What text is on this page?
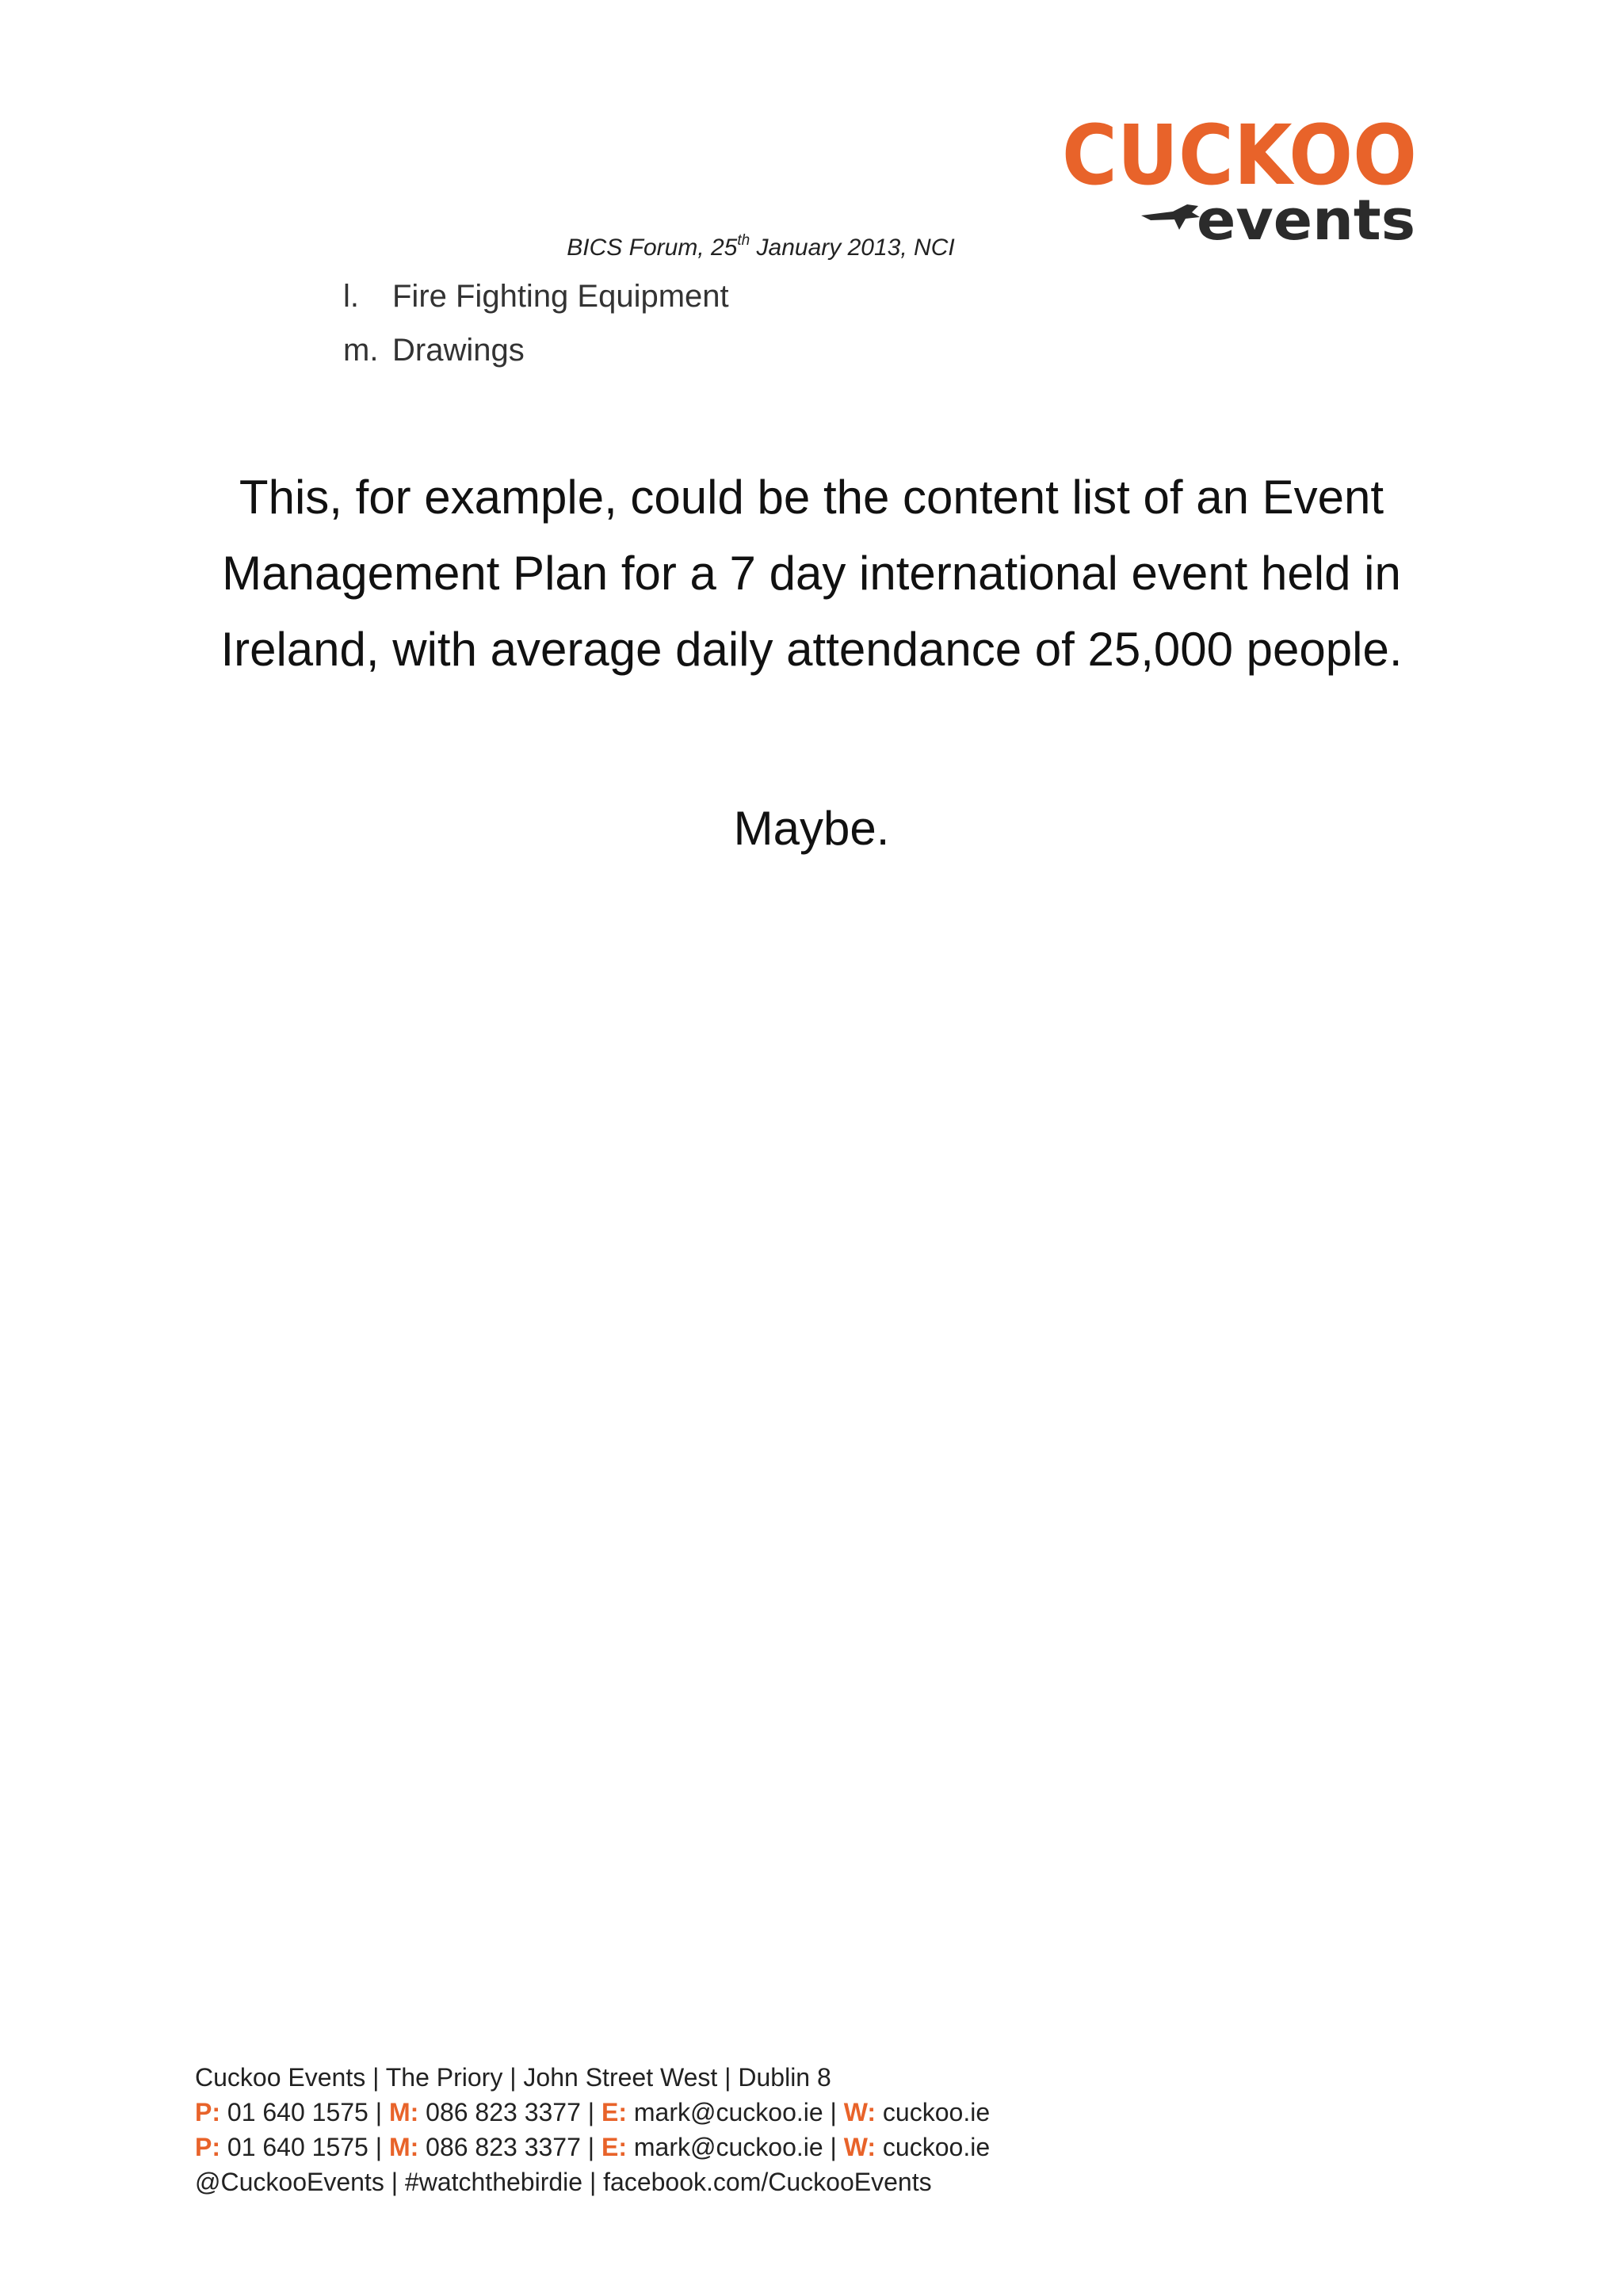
CUCKOO
events
BICS Forum, 25th January 2013, NCI
l.	Fire Fighting Equipment
m. Drawings

This, for example, could be the content list of an Event Management Plan for a 7 day international event held in Ireland, with average daily attendance of 25,000 people.

Maybe.

Cuckoo Events | The Priory | John Street West | Dublin 8
P: 01 640 1575 | M: 086 823 3377 | E: mark@cuckoo.ie | W: cuckoo.ie
P: 01 640 1575 | M: 086 823 3377 | E: mark@cuckoo.ie | W: cuckoo.ie
@CuckooEvents | #watchthebirdie | facebook.com/CuckooEvents
